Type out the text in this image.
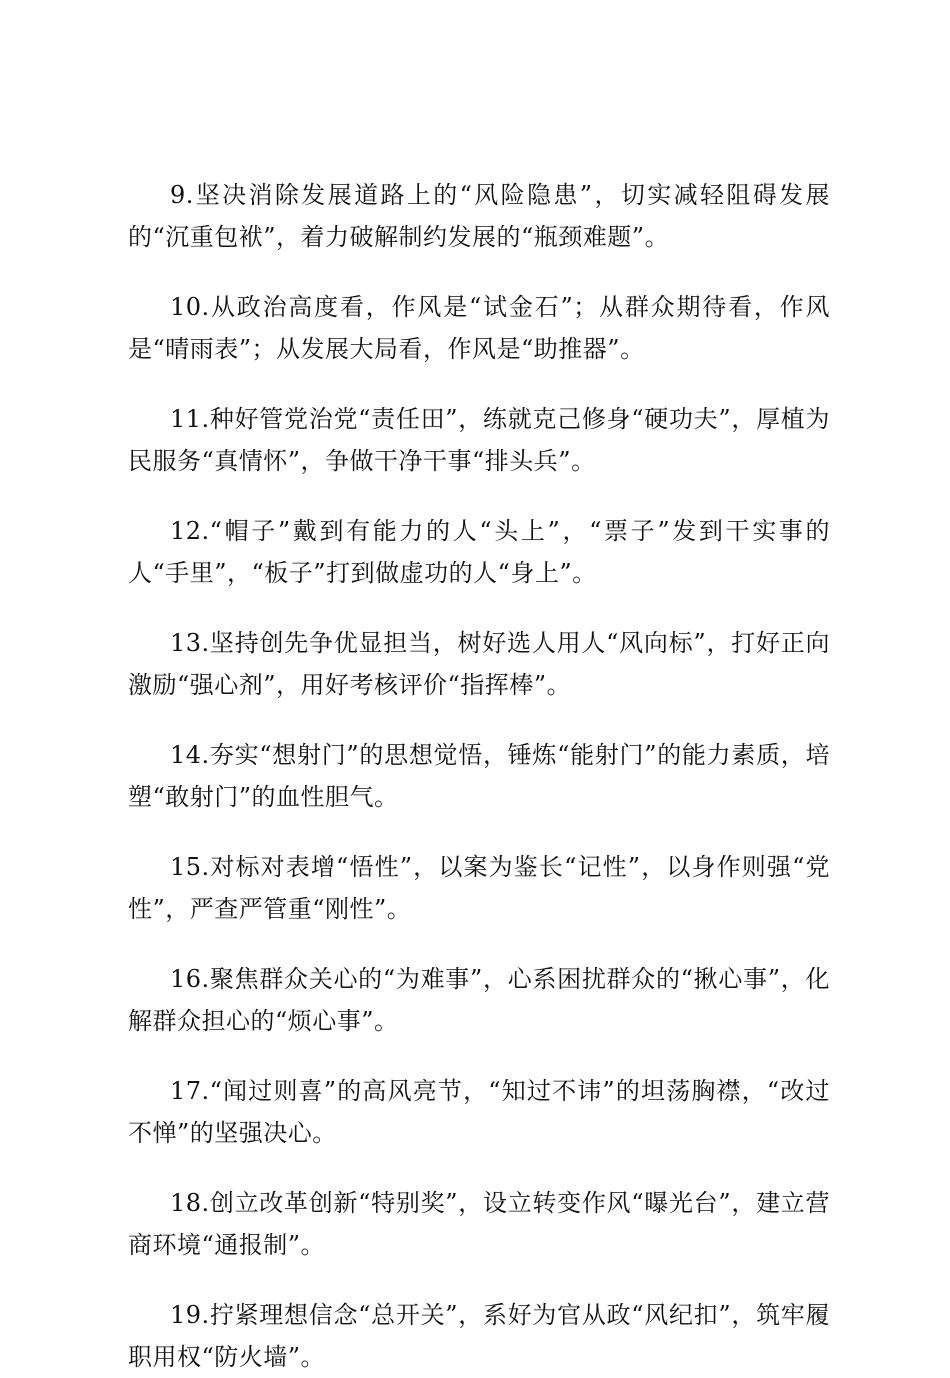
9.坚决消除发展道路上的“风险隐患”，切实减轻阻碍发展的“沉重包袱”，着力破解制约发展的“瓶颈难题”。

10.从政治高度看，作风是“试金石”；从群众期待看，作风是“晴雨表”；从发展大局看，作风是“助推器”。

11.种好管党治党“责任田”，练就克己修身“硬功夫”，厚植为民服务“真情怀”，争做干净干事“排头兵”。

12.“帽子”戴到有能力的人“头上”，“票子”发到干实事的人“手里”，“板子”打到做虚功的人“身上”。

13.坚持创先争优显担当，树好选人用人“风向标”，打好正向激励“强心剂”，用好考核评价“指挥棒”。

14.夯实“想射门”的思想觉悟，锤炼“能射门”的能力素质，培塑“敢射门”的血性胆气。

15.对标对表增“悟性”，以案为鉴长“记性”，以身作则强“党性”，严查严管重“刚性”。

16.聚焦群众关心的“为难事”，心系困扰群众的“揪心事”，化解群众担心的“烦心事”。

17.“闻过则喜”的高风亮节，“知过不讳”的坦荡胸襟，“改过不惮”的坚强决心。

18.创立改革创新“特别奖”，设立转变作风“曝光台”，建立营商环境“通报制”。

19.拧紧理想信念“总开关”，系好为官从政“风纪扣”，筑牢履职用权“防火墙”。
